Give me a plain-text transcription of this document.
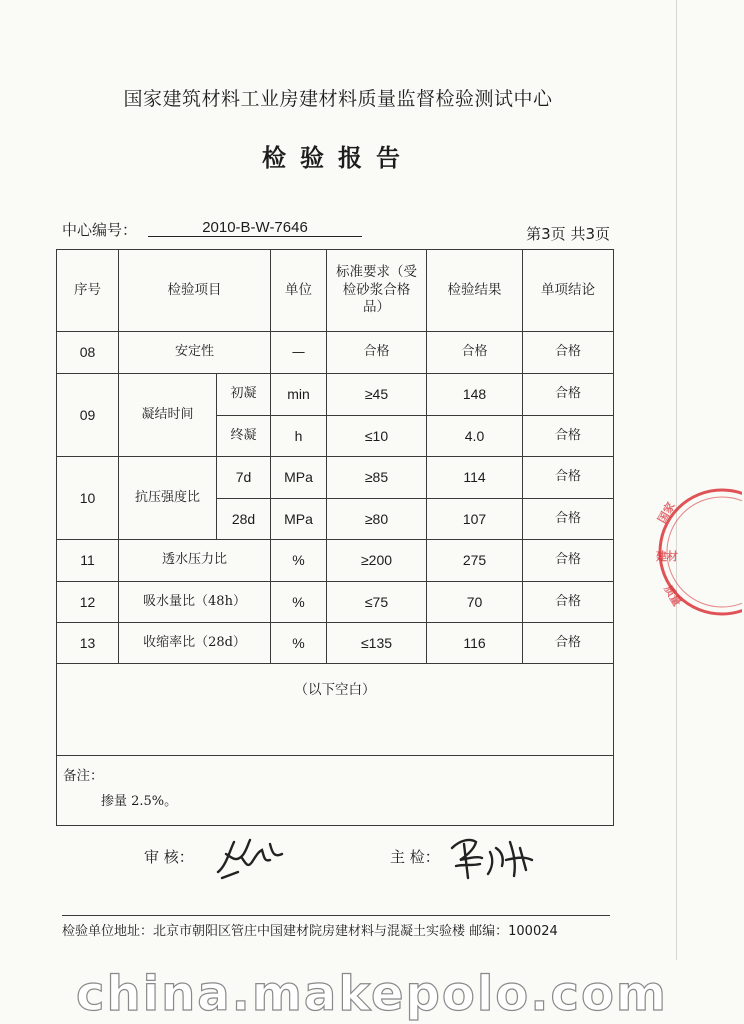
国家建筑材料工业房建材料质量监督检验测试中心
检验报告
中心编号：	2010-B-W-7646	第3页 共3页
序号	检验项目		单位	标准要求（受检砂浆合格品）	检验结果	单项结论
08	安定性		—	合格	合格	合格
09	凝结时间	初凝	min	≥45	148	合格
		终凝	h	≤10	4.0	合格
10	抗压强度比	7d	MPa	≥85	114	合格
		28d	MPa	≥80	107	合格
11	透水压力比		%	≥200	275	合格
12	吸水量比（48h）		%	≤75	70	合格
13	收缩率比（28d）		%	≤135	116	合格
（以下空白）						

备注：
掺量 2.5%。						
审 核：	主 检：
检验单位地址：北京市朝阳区管庄中国建材院房建材料与混凝土实验楼 邮编：100024
国家
建材
质量
china.makepolo.com
